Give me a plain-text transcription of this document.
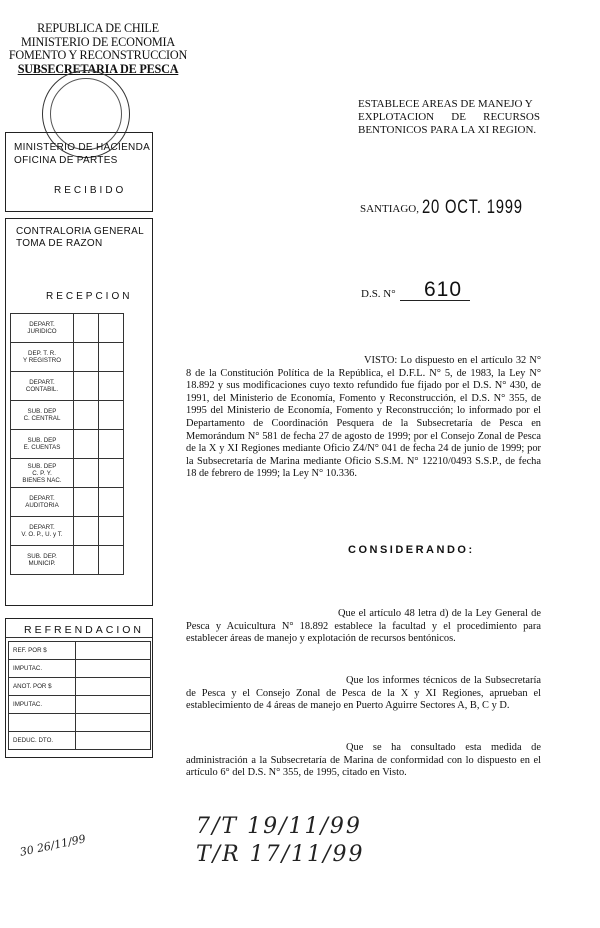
REPUBLICA DE CHILE
MINISTERIO DE ECONOMIA
FOMENTO Y RECONSTRUCCION
SUBSECRETARIA DE PESCA
ESTABLECE AREAS DE MANEJO Y
EXPLOTACION DE RECURSOS
BENTONICOS PARA LA XI REGION.
SANTIAGO, 20 OCT. 1999
D.S. N° 610
MINISTERIO DE HACIENDA
OFICINA DE PARTES
RECIBIDO
CONTRALORIA GENERAL
TOMA DE RAZON
RECEPCION
DEPART.
JURIDICO		
DEP. T. R.
Y REGISTRO		
DEPART.
CONTABIL.		
SUB. DEP
C. CENTRAL		
SUB. DEP
E. CUENTAS		
SUB. DEP
C. P. Y.
BIENES NAC.		
DEPART.
AUDITORIA		
DEPART.
V. O. P., U. y T.		
SUB. DEP.
MUNICIP.		
REFRENDACION
REF. POR $	
IMPUTAC.	
ANOT. POR $	
IMPUTAC.	

DEDUC. DTO.	
VISTO: Lo dispuesto en el artículo 32 N° 8 de la Constitución Política de la República, el D.F.L. N° 5, de 1983, la Ley N° 18.892 y sus modificaciones cuyo texto refundido fue fijado por el D.S. N° 430, de 1991, del Ministerio de Economía, Fomento y Reconstrucción, el D.S. N° 355, de 1995 del Ministerio de Economía, Fomento y Reconstrucción; lo informado por el Departamento de Coordinación Pesquera de la Subsecretaría de Pesca en Memorándum N° 581 de fecha 27 de agosto de 1999; por el Consejo Zonal de Pesca de la X y XI Regiones mediante Oficio Z4/N° 041 de fecha 24 de junio de 1999; por la Subsecretaría de Marina mediante Oficio S.S.M. N° 12210/0493 S.S.P., de fecha 18 de febrero de 1999; la Ley N° 10.336.
CONSIDERANDO:
Que el artículo 48 letra d) de la Ley General de Pesca y Acuicultura N° 18.892 establece la facultad y el procedimiento para establecer áreas de manejo y explotación de recursos bentónicos.
Que los informes técnicos de la Subsecretaría de Pesca y el Consejo Zonal de Pesca de la X y XI Regiones, aprueban el establecimiento de 4 áreas de manejo en Puerto Aguirre Sectores A, B, C y D.
Que se ha consultado esta medida de administración a la Subsecretaría de Marina de conformidad con lo dispuesto en el artículo 6° del D.S. N° 355, de 1995, citado en Visto.
7/T 19/11/99
T/R 17/11/99
30 26/11/99
